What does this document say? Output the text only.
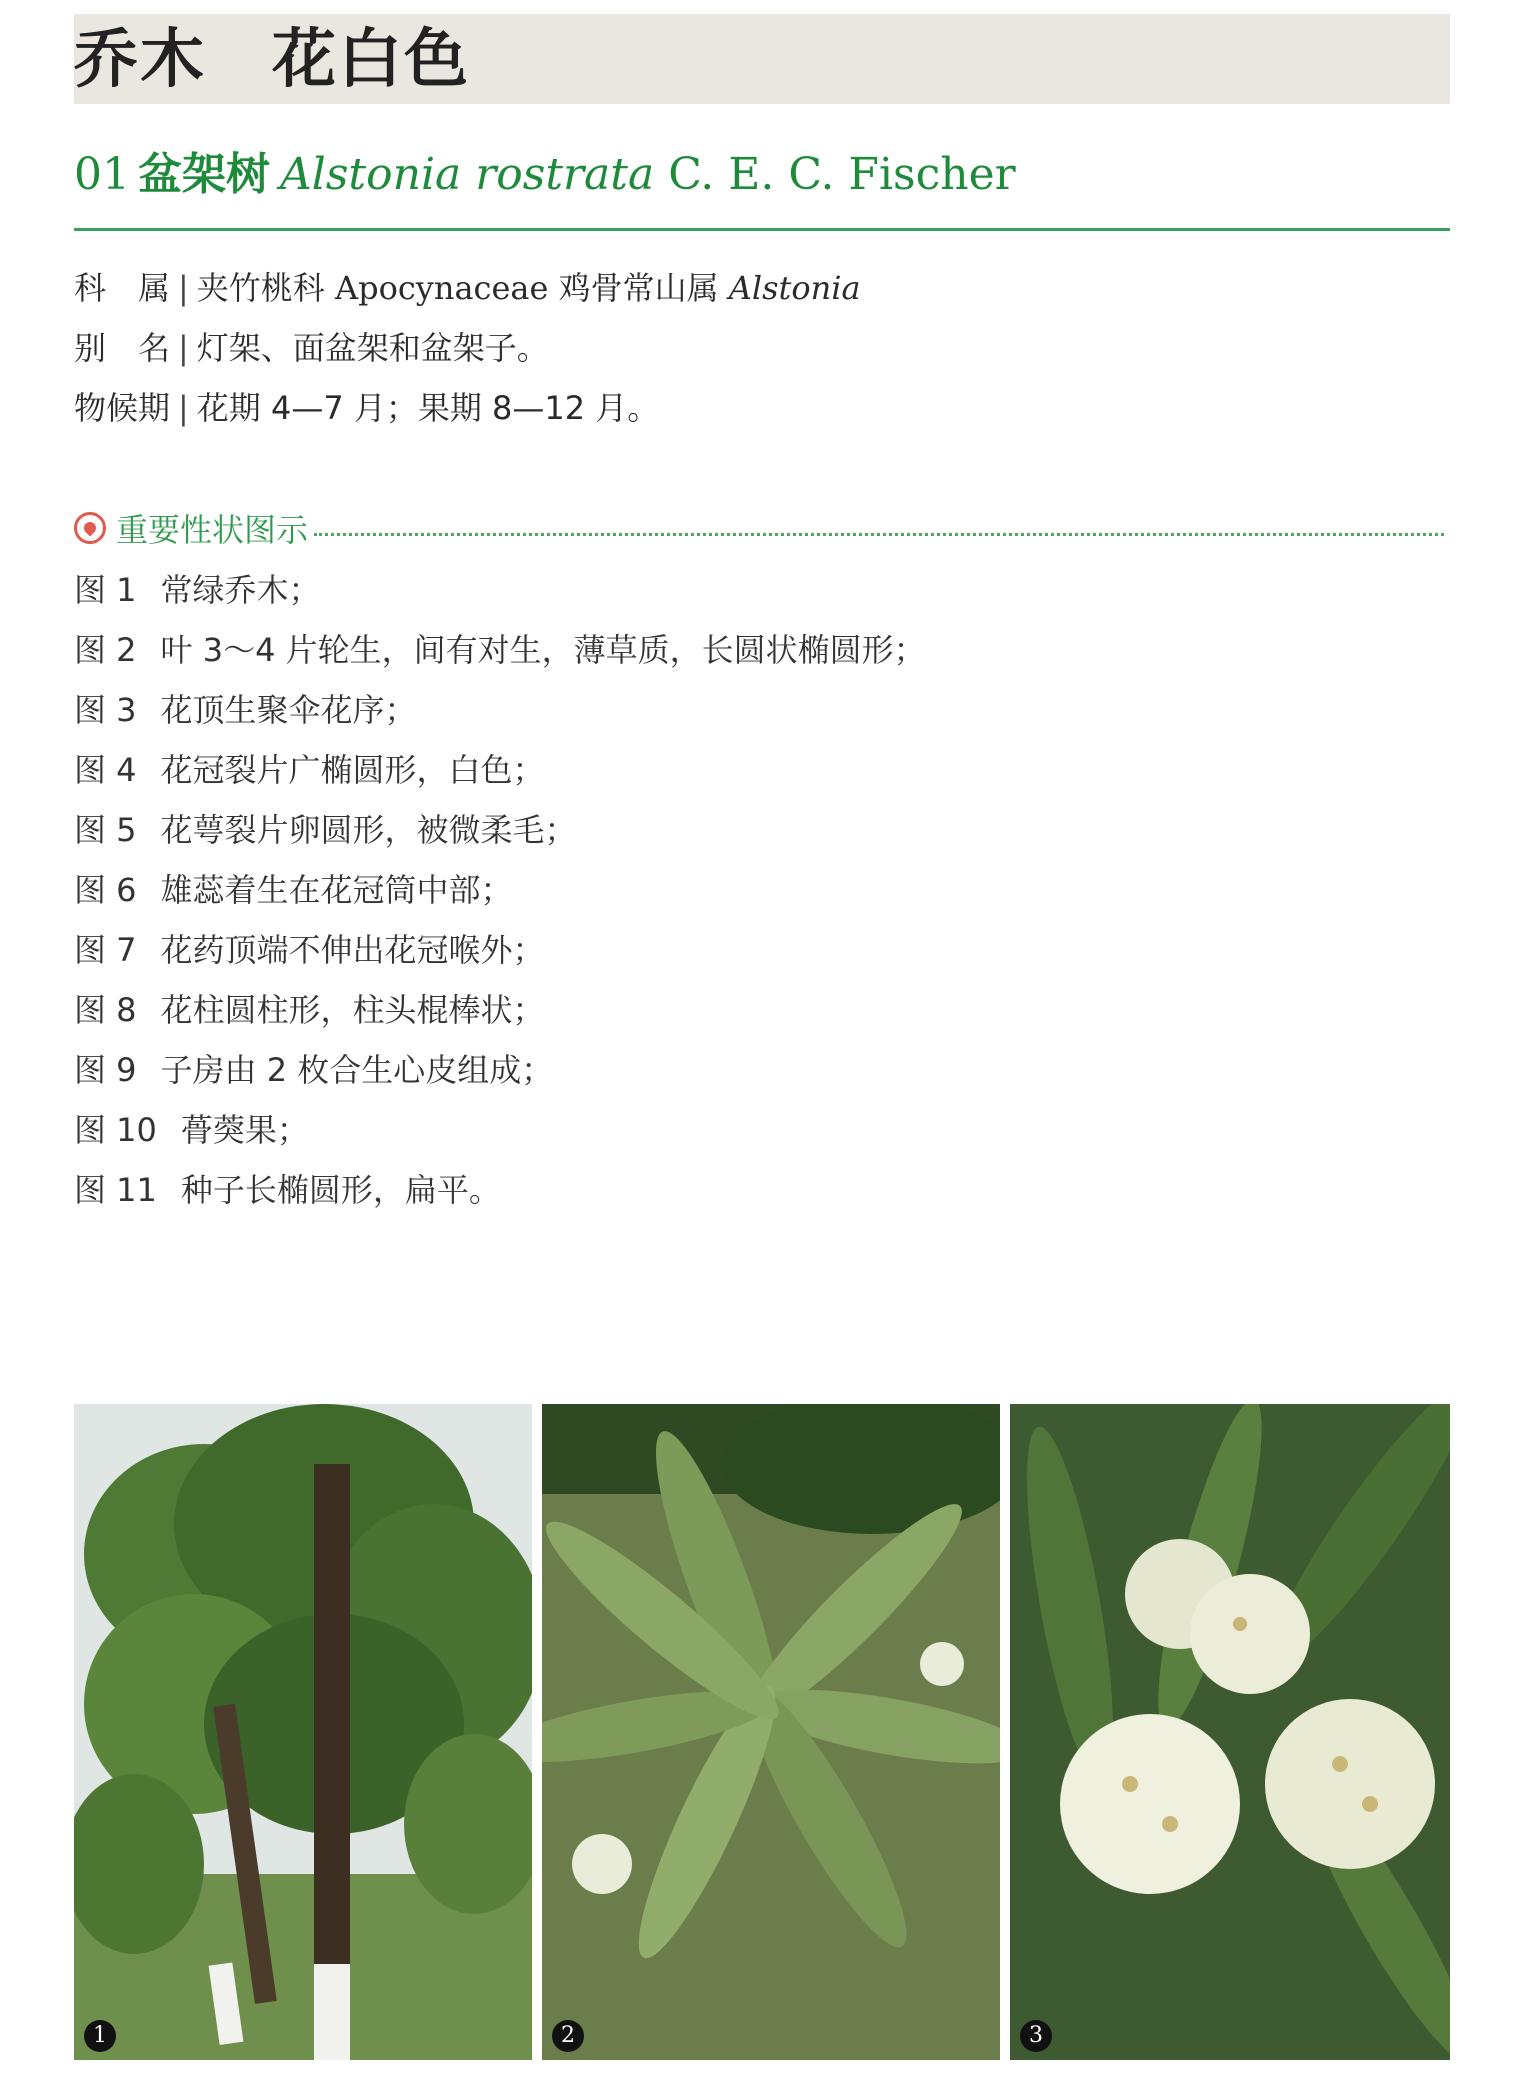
乔木　花白色
01 盆架树 Alstonia rostrata C. E. C. Fischer
科　属 | 夹竹桃科 Apocynaceae 鸡骨常山属 Alstonia
别　名 | 灯架、面盆架和盆架子。
物候期 | 花期 4—7 月；果期 8—12 月。
重要性状图示
图 1 常绿乔木；
图 2 叶 3～4 片轮生，间有对生，薄草质，长圆状椭圆形；
图 3 花顶生聚伞花序；
图 4 花冠裂片广椭圆形，白色；
图 5 花萼裂片卵圆形，被微柔毛；
图 6 雄蕊着生在花冠筒中部；
图 7 花药顶端不伸出花冠喉外；
图 8 花柱圆柱形，柱头棍棒状；
图 9 子房由 2 枚合生心皮组成；
图 10 蓇葖果；
图 11 种子长椭圆形，扁平。
1	2	3
